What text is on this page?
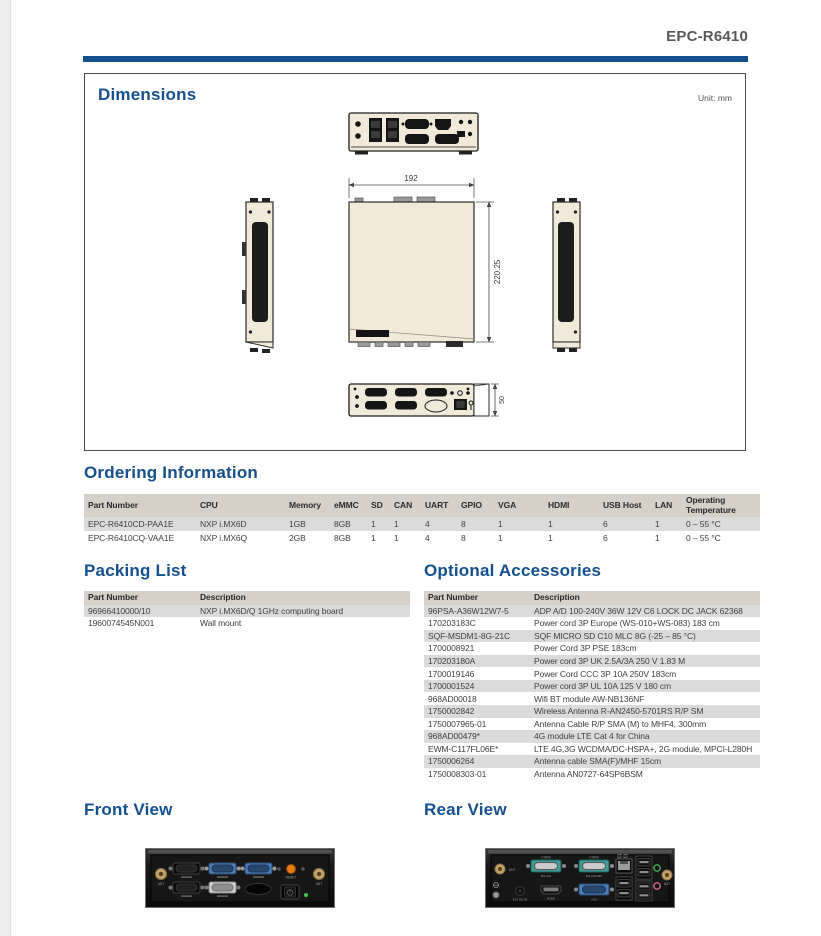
EPC-R6410
Dimensions	Unit: mm
192
220.25
50
Ordering Information
Part Number	CPU	Memory	eMMC	SD	CAN	UART	GPIO	VGA	HDMI	USB Host	LAN	Operating Temperature
EPC-R6410CD-PAA1E	NXP i.MX6D	1GB	8GB	1	1	4	8	1	1	6	1	0 – 55 °C
EPC-R6410CQ-VAA1E	NXP i.MX6Q	2GB	8GB	1	1	4	8	1	1	6	1	0 – 55 °C
Packing List
Part Number	Description
96966410000/10	NXP i.MX6D/Q 1GHz computing board
1960074545N001	Wall mount
Optional Accessories
Part Number	Description
96PSA-A36W12W7-5	ADP A/D 100-240V 36W 12V C6 LOCK DC JACK 62368
170203183C	Power cord 3P Europe (WS-010+WS-083) 183 cm
SQF-MSDM1-8G-21C	SQF MICRO SD C10 MLC 8G (-25 – 85 °C)
1700008921	Power Cord 3P PSE 183cm
170203180A	Power cord 3P UK 2.5A/3A 250 V 1.83 M
1700019146	Power Cord CCC 3P 10A 250V 183cm
1700001524	Power cord 3P UL 10A 125 V 180 cm
968AD00018	Wifi BT module AW-NB136NF
1750002842	Wireless Antenna R-AN2450-5701RS R/P SM
1750007965-01	Antenna Cable R/P SMA (M) to MHF4, 300mm
968AD00479*	4G module LTE Cat 4 for China
EWM-C117FL06E*	LTE 4G,3G WCDMA/DC-HSPA+, 2G module, MPCI-L280H
1750006264	Antenna cable SMA(F)/MHF 15cm
1750008303-01	Antenna AN0727-64SP6BSM
Front View
ANT
RESET
ANT
Rear View
ANT
12V DC IN
COM2
RS-232
COM3
RS-232/485
HDMI	VGA
ANT
